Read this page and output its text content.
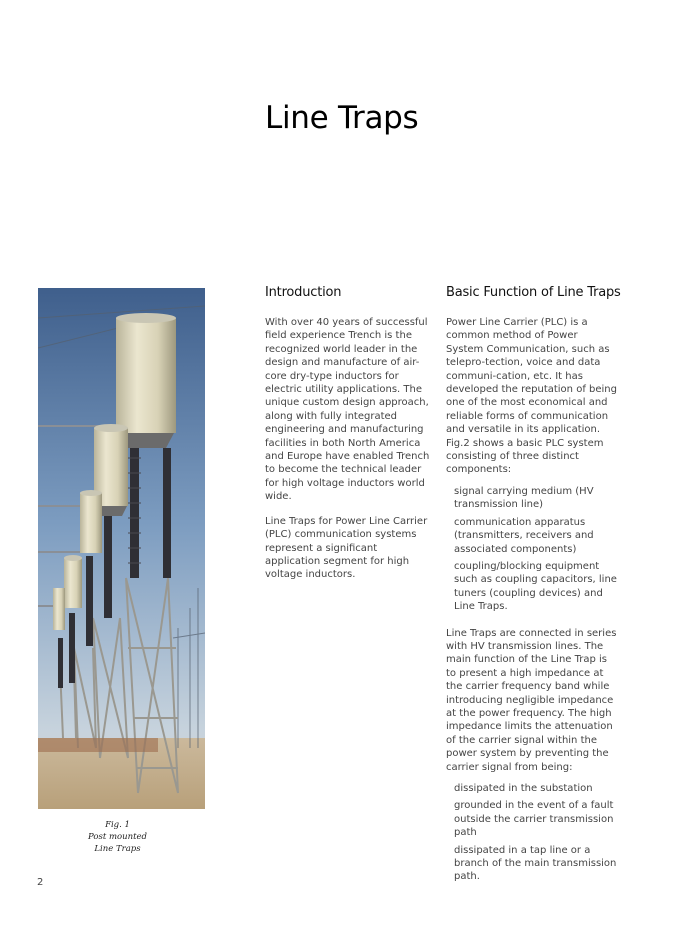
Line Traps
Fig. 1
Post mounted
Line Traps
Introduction

With over 40 years of successful field experience Trench is the recognized world leader in the design and manufacture of air-core dry-type inductors for electric utility applications. The unique custom design approach, along with fully integrated engineering and manufacturing facilities in both North America and Europe have enabled Trench to become the technical leader for high voltage inductors world wide.

Line Traps for Power Line Carrier (PLC) communication systems represent a significant application segment for high voltage inductors.

Basic Function of Line Traps

Power Line Carrier (PLC) is a common method of Power System Communication, such as telepro-tection, voice and data communi-cation, etc. It has developed the reputation of being one of the most economical and reliable forms of communication and versatile in its application. Fig.2 shows a basic PLC system consisting of three distinct components:

signal carrying medium (HV transmission line)
communication apparatus (transmitters, receivers and associated components)
coupling/blocking equipment such as coupling capacitors, line tuners (coupling devices) and Line Traps.

Line Traps are connected in series with HV transmission lines. The main function of the Line Trap is to present a high impedance at the carrier frequency band while introducing negligible impedance at the power frequency. The high impedance limits the attenuation of the carrier signal within the power system by preventing the carrier signal from being:

dissipated in the substation
grounded in the event of a fault outside the carrier transmission path
dissipated in a tap line or a branch of the main transmission path.
2
